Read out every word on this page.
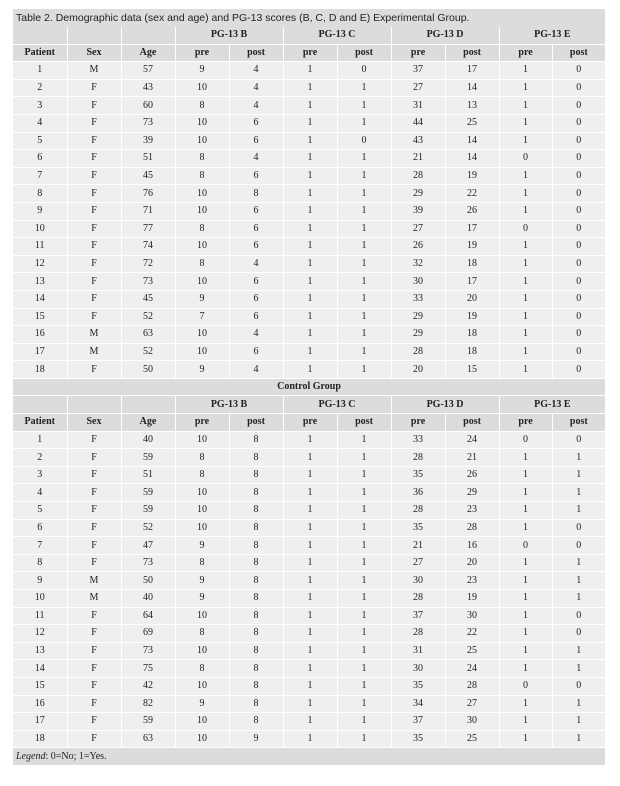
Table 2. Demographic data (sex and age) and PG-13 scores (B, C, D and E) Experimental Group.
			PG-13 B		PG-13 C		PG-13 D		PG-13 E	
Patient	Sex	Age	pre	post	pre	post	pre	post	pre	post
1	M	57	9	4	1	0	37	17	1	0
2	F	43	10	4	1	1	27	14	1	0
3	F	60	8	4	1	1	31	13	1	0
4	F	73	10	6	1	1	44	25	1	0
5	F	39	10	6	1	0	43	14	1	0
6	F	51	8	4	1	1	21	14	0	0
7	F	45	8	6	1	1	28	19	1	0
8	F	76	10	8	1	1	29	22	1	0
9	F	71	10	6	1	1	39	26	1	0
10	F	77	8	6	1	1	27	17	0	0
11	F	74	10	6	1	1	26	19	1	0
12	F	72	8	4	1	1	32	18	1	0
13	F	73	10	6	1	1	30	17	1	0
14	F	45	9	6	1	1	33	20	1	0
15	F	52	7	6	1	1	29	19	1	0
16	M	63	10	4	1	1	29	18	1	0
17	M	52	10	6	1	1	28	18	1	0
18	F	50	9	4	1	1	20	15	1	0
Control Group										
			PG-13 B		PG-13 C		PG-13 D		PG-13 E	
Patient	Sex	Age	pre	post	pre	post	pre	post	pre	post
1	F	40	10	8	1	1	33	24	0	0
2	F	59	8	8	1	1	28	21	1	1
3	F	51	8	8	1	1	35	26	1	1
4	F	59	10	8	1	1	36	29	1	1
5	F	59	10	8	1	1	28	23	1	1
6	F	52	10	8	1	1	35	28	1	0
7	F	47	9	8	1	1	21	16	0	0
8	F	73	8	8	1	1	27	20	1	1
9	M	50	9	8	1	1	30	23	1	1
10	M	40	9	8	1	1	28	19	1	1
11	F	64	10	8	1	1	37	30	1	0
12	F	69	8	8	1	1	28	22	1	0
13	F	73	10	8	1	1	31	25	1	1
14	F	75	8	8	1	1	30	24	1	1
15	F	42	10	8	1	1	35	28	0	0
16	F	82	9	8	1	1	34	27	1	1
17	F	59	10	8	1	1	37	30	1	1
18	F	63	10	9	1	1	35	25	1	1
Legend: 0=No; 1=Yes.
